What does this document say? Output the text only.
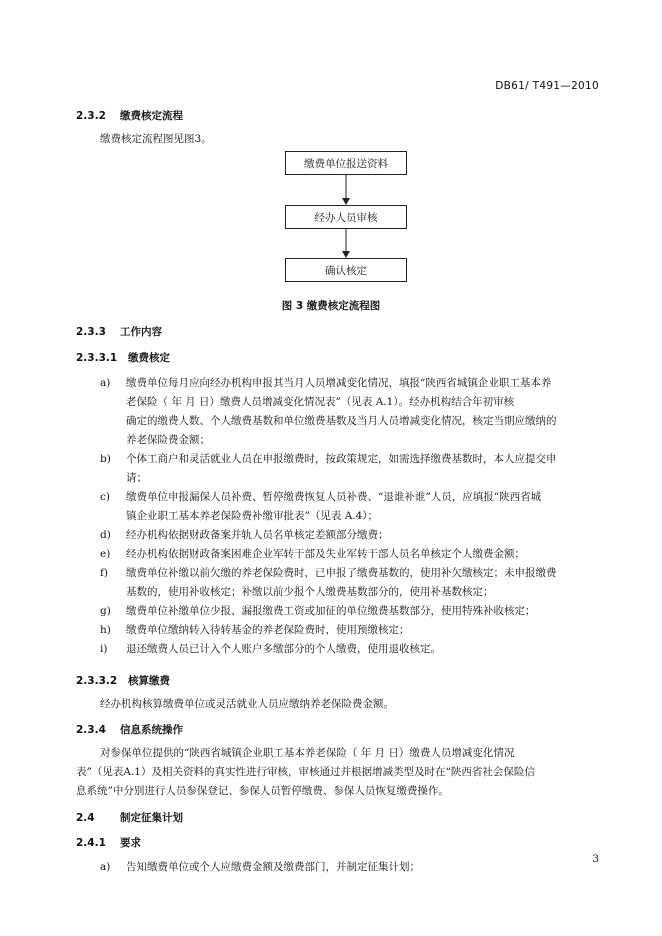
DB61/ T491—2010
2.3.2 缴费核定流程
缴费核定流程图见图3。
缴费单位报送资料
经办人员审核
确认核定
图 3 缴费核定流程图
2.3.3 工作内容
2.3.3.1 缴费核定
a)	缴费单位每月应向经办机构申报其当月人员增减变化情况，填报“陕西省城镇企业职工基本养
老保险（ 年 月 日）缴费人员增减变化情况表”（见表 A.1）。经办机构结合年初审核
确定的缴费人数、个人缴费基数和单位缴费基数及当月人员增减变化情况，核定当期应缴纳的
养老保险费金额；
b)	个体工商户和灵活就业人员在申报缴费时，按政策规定，如需选择缴费基数时，本人应提交申
请；
c)	缴费单位申报漏保人员补费、暂停缴费恢复人员补费、“退谁补谁”人员，应填报“陕西省城
镇企业职工基本养老保险费补缴审批表”（见表 A.4）；
d)	经办机构依据财政备案并轨人员名单核定差额部分缴费；
e)	经办机构依据财政备案困难企业军转干部及失业军转干部人员名单核定个人缴费金额；
f)	缴费单位补缴以前欠缴的养老保险费时，已申报了缴费基数的，使用补欠缴核定；未申报缴费
基数的，使用补收核定；补缴以前少报个人缴费基数部分的，使用补基数核定；
g)	缴费单位补缴单位少报、漏报缴费工资或加征的单位缴费基数部分，使用特殊补收核定；
h)	缴费单位缴纳转入待转基金的养老保险费时，使用预缴核定；
i)	退还缴费人员已计入个人账户多缴部分的个人缴费，使用退收核定。
2.3.3.2 核算缴费
经办机构核算缴费单位或灵活就业人员应缴纳养老保险费金额。
2.3.4 信息系统操作
对参保单位提供的“陕西省城镇企业职工基本养老保险（ 年 月 日）缴费人员增减变化情况
表”（见表A.1）及相关资料的真实性进行审核，审核通过并根据增减类型及时在“陕西省社会保险信
息系统”中分别进行人员参保登记、参保人员暂停缴费、参保人员恢复缴费操作。
2.4 制定征集计划
2.4.1 要求
a)	告知缴费单位或个人应缴费金额及缴费部门，并制定征集计划；
3
